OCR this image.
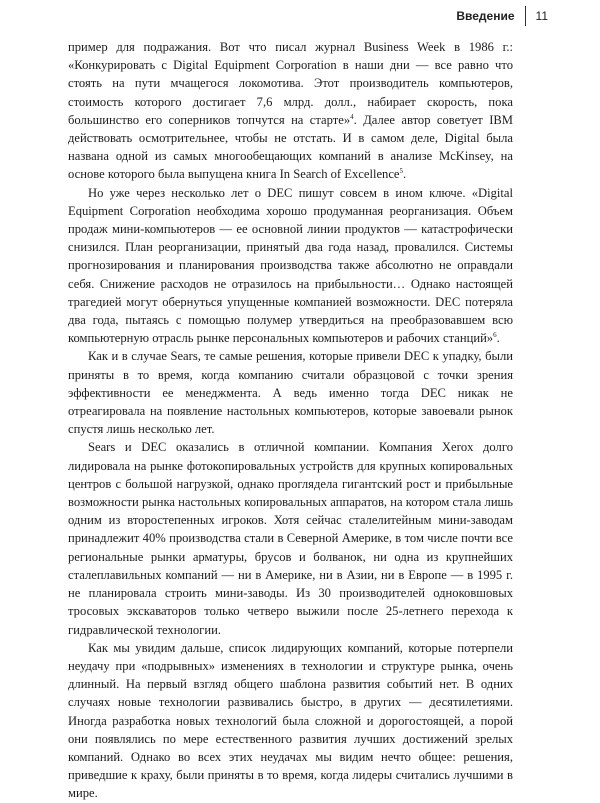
Введение 11

пример для подражания. Вот что писал журнал Business Week в 1986 г.: «Конкурировать с Digital Equipment Corporation в наши дни — все равно что стоять на пути мчащегося локомотива. Этот производитель компьютеров, стоимость которого достигает 7,6 млрд. долл., набирает скорость, пока большинство его соперников топчутся на старте»$^4$. Далее автор советует IBM действовать осмотрительнее, чтобы не отстать. И в самом деле, Digital была названа одной из самых многообещающих компаний в анализе McKinsey, на основе которого была выпущена книга In Search of Excellence$^5$.

Но уже через несколько лет о DEC пишут совсем в ином ключе. «Digital Equipment Corporation необходима хорошо продуманная реорганизация. Объем продаж мини-компьютеров — ее основной линии продуктов — катастрофически снизился. План реорганизации, принятый два года назад, провалился. Системы прогнозирования и планирования производства также абсолютно не оправдали себя. Снижение расходов не отразилось на прибыльности… Однако настоящей трагедией могут обернуться упущенные компанией возможности. DEC потеряла два года, пытаясь с помощью полумер утвердиться на преобразовавшем всю компьютерную отрасль рынке персональных компьютеров и рабочих станций»$^6$.

Как и в случае Sears, те самые решения, которые привели DEC к упадку, были приняты в то время, когда компанию считали образцовой с точки зрения эффективности ее менеджмента. А ведь именно тогда DEC никак не отреагировала на появление настольных компьютеров, которые завоевали рынок спустя лишь несколько лет.

Sears и DEC оказались в отличной компании. Компания Xerox долго лидировала на рынке фотокопировальных устройств для крупных копировальных центров с большой нагрузкой, однако проглядела гигантский рост и прибыльные возможности рынка настольных копировальных аппаратов, на котором стала лишь одним из второстепенных игроков. Хотя сейчас сталелитейным мини-заводам принадлежит 40% производства стали в Северной Америке, в том числе почти все региональные рынки арматуры, брусов и болванок, ни одна из крупнейших сталеплавильных компаний — ни в Америке, ни в Азии, ни в Европе — в 1995 г. не планировала строить мини-заводы. Из 30 производителей одноковшовых тросовых экскаваторов только четверо выжили после 25-летнего перехода к гидравлической технологии.

Как мы увидим дальше, список лидирующих компаний, которые потерпели неудачу при «подрывных» изменениях в технологии и структуре рынка, очень длинный. На первый взгляд общего шаблона развития событий нет. В одних случаях новые технологии развивались быстро, в других — десятилетиями. Иногда разработка новых технологий была сложной и дорогостоящей, а порой они появлялись по мере естественного развития лучших достижений зрелых компаний. Однако во всех этих неудачах мы видим нечто общее: решения, приведшие к краху, были приняты в то время, когда лидеры считались лучшими в мире.
